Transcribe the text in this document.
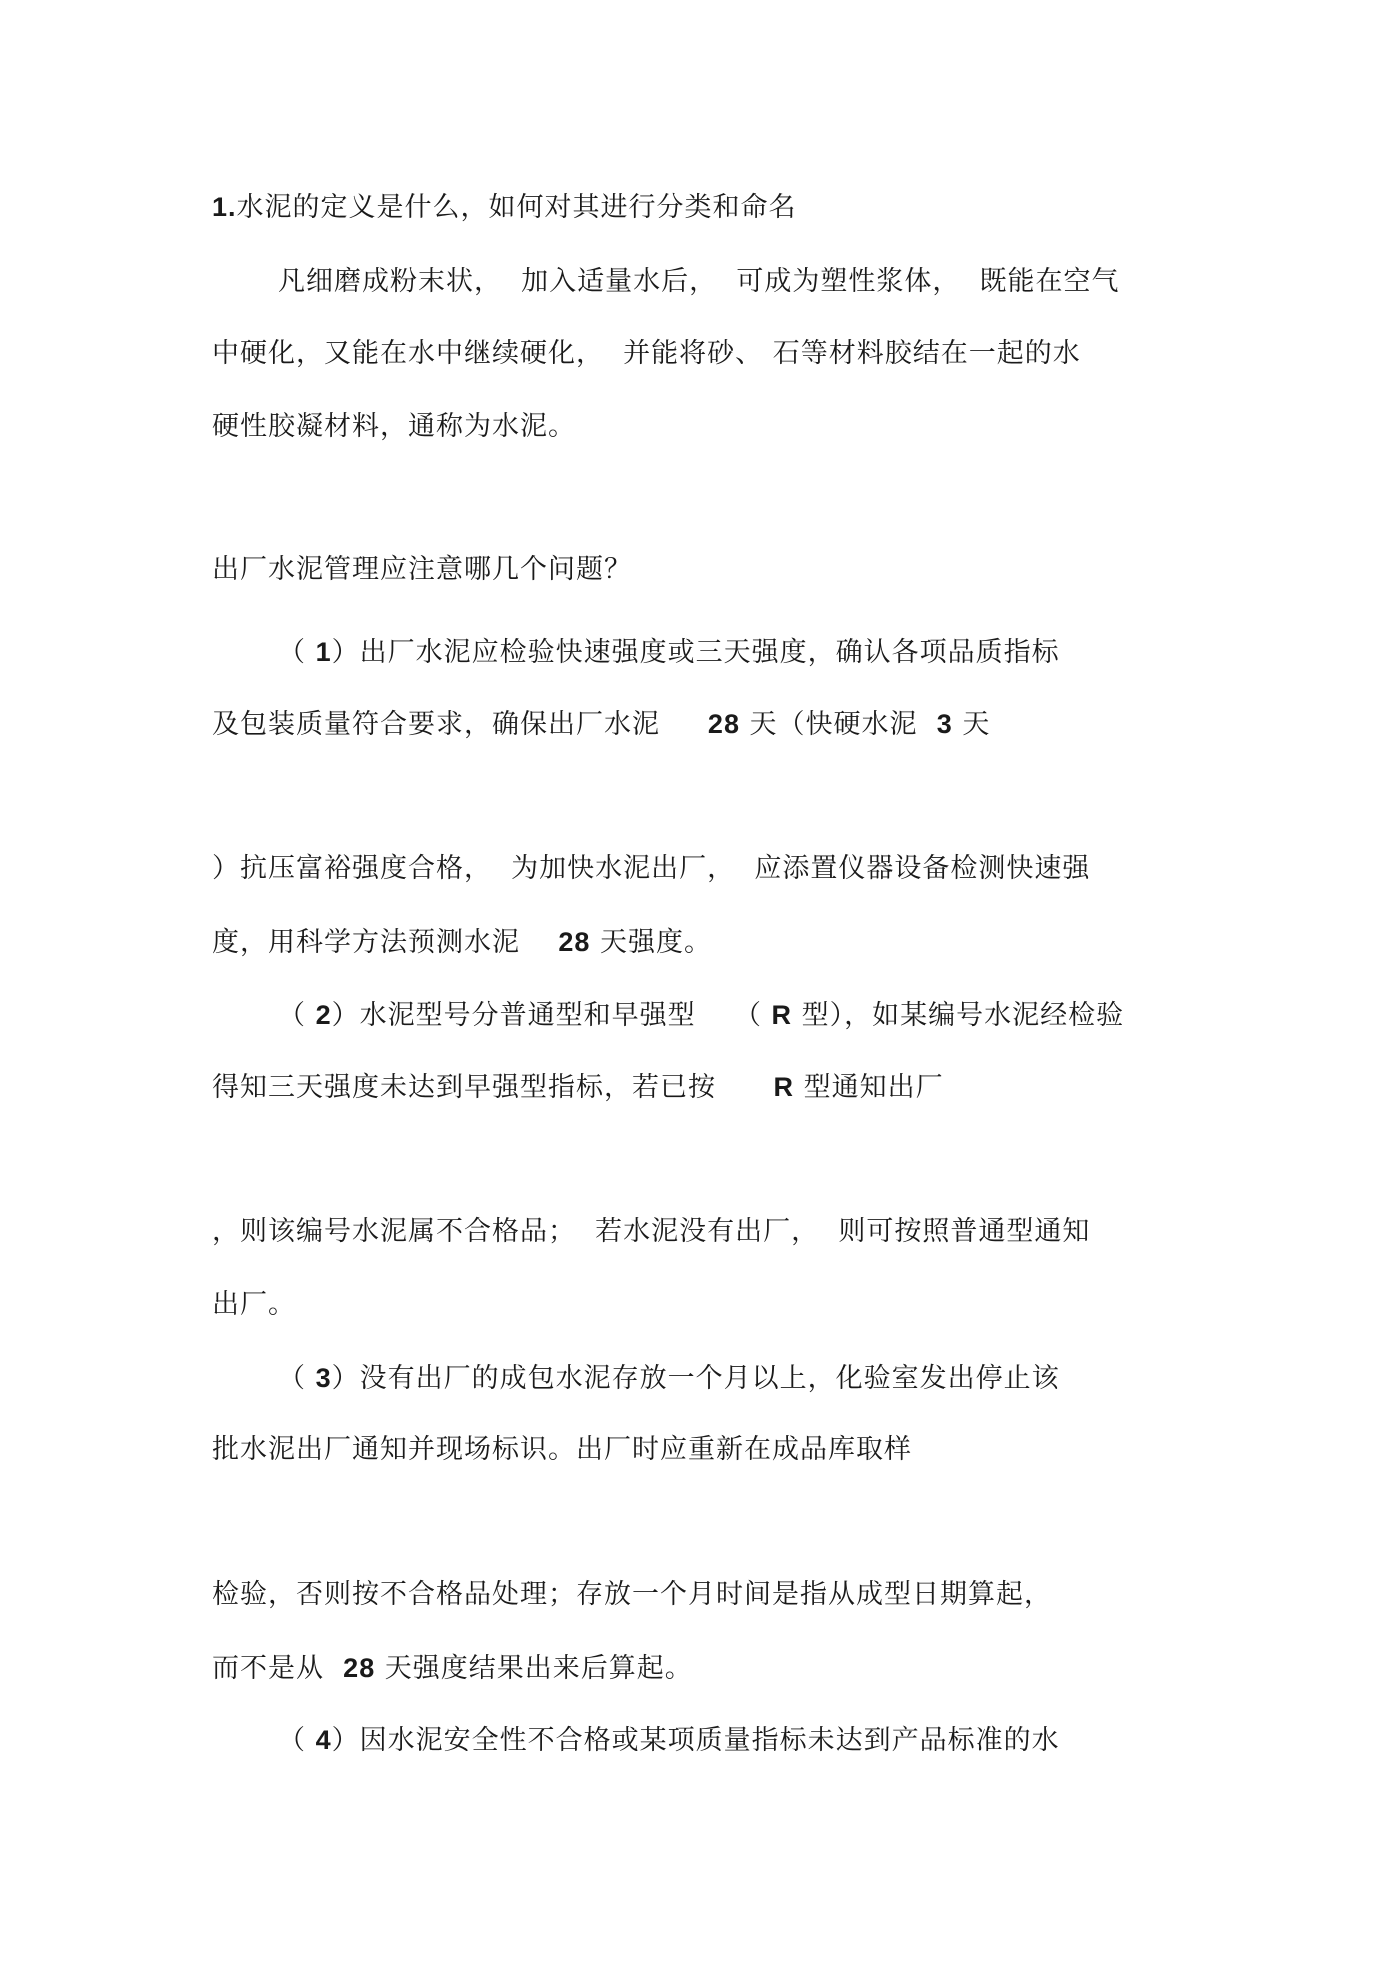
1.水泥的定义是什么，如何对其进行分类和命名

凡细磨成粉末状，  加入适量水后，  可成为塑性浆体，  既能在空气

中硬化，又能在水中继续硬化，  并能将砂、 石等材料胶结在一起的水

硬性胶凝材料，通称为水泥。

出厂水泥管理应注意哪几个问题？

（ 1）出厂水泥应检验快速强度或三天强度，确认各项品质指标

及包装质量符合要求，确保出厂水泥     28 天（快硬水泥  3 天

）抗压富裕强度合格，  为加快水泥出厂，  应添置仪器设备检测快速强

度，用科学方法预测水泥    28 天强度。

（ 2）水泥型号分普通型和早强型    （ R 型），如某编号水泥经检验

得知三天强度未达到早强型指标，若已按      R 型通知出厂

，则该编号水泥属不合格品；  若水泥没有出厂，  则可按照普通型通知

出厂。

（ 3）没有出厂的成包水泥存放一个月以上，化验室发出停止该

批水泥出厂通知并现场标识。出厂时应重新在成品库取样

检验，否则按不合格品处理；存放一个月时间是指从成型日期算起，

而不是从  28 天强度结果出来后算起。

（ 4）因水泥安全性不合格或某项质量指标未达到产品标准的水
